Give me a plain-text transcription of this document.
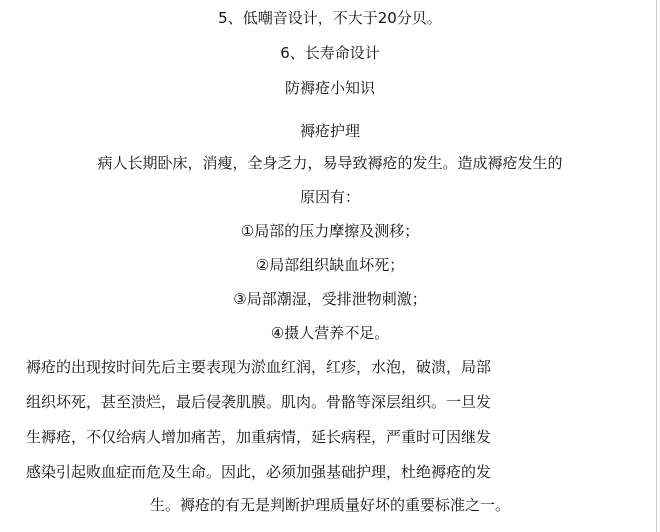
5、低嘲音设计，不大于20分贝。
6、长寿命设计
防褥疮小知识
褥疮护理
病人长期卧床，消瘦，全身乏力，易导致褥疮的发生。造成褥疮发生的
原因有：
①局部的压力摩擦及测移；
②局部组织缺血坏死；
③局部潮湿，受排泄物刺激；
④摄人营养不足。
褥疮的出现按时间先后主要表现为淤血红润，红疹，水泡，破溃，局部
组织坏死，甚至溃烂，最后侵袭肌膜。肌肉。骨骼等深层组织。一旦发
生褥疮，不仅给病人增加痛苦，加重病情，延长病程，严重时可因继发
感染引起败血症而危及生命。因此，必须加强基础护理，杜绝褥疮的发
生。褥疮的有无是判断护理质量好坏的重要标准之一。
